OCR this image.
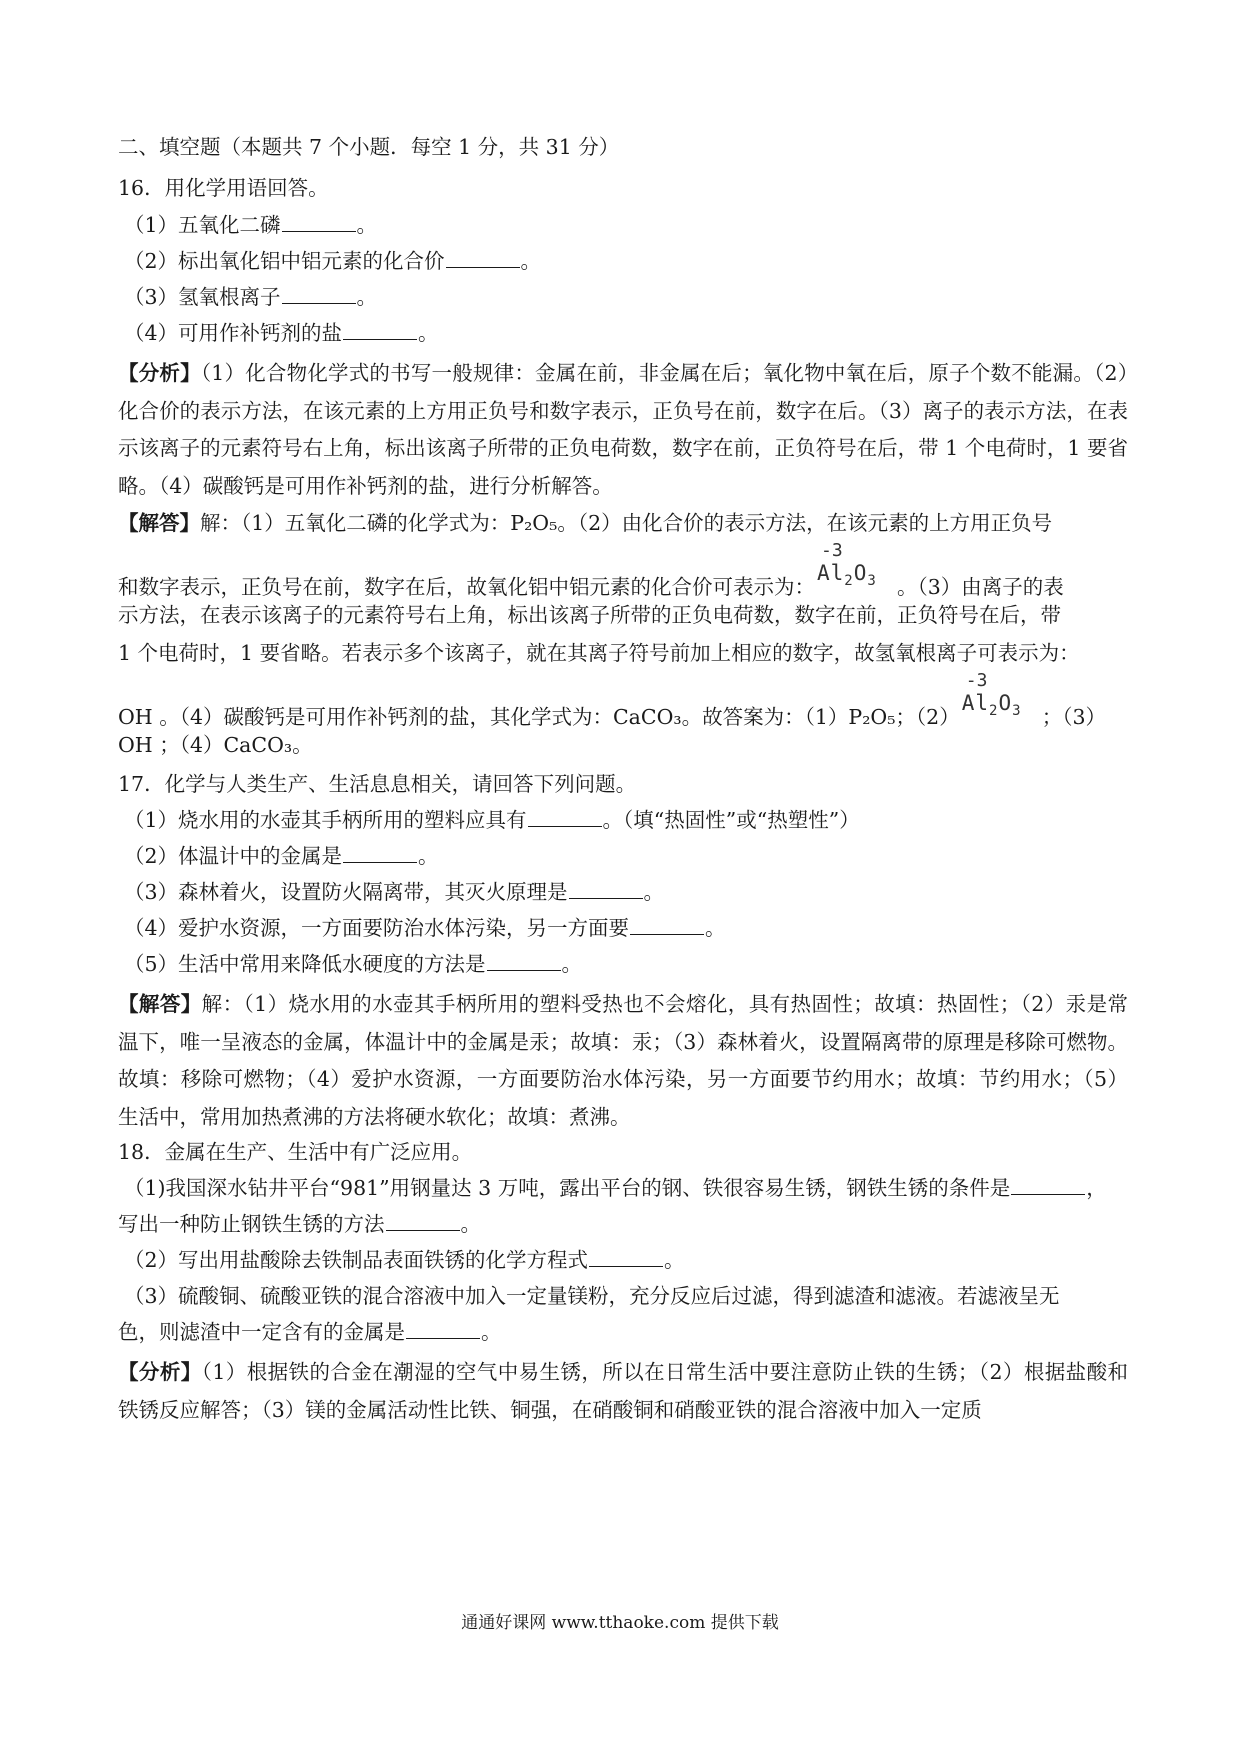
二、填空题（本题共 7 个小题．每空 1 分，共 31 分）
16．用化学用语回答。
（1）五氧化二磷	。
（2）标出氧化铝中铝元素的化合价	。
（3）氢氧根离子	。
（4）可用作补钙剂的盐	。
【分析】（1）化合物化学式的书写一般规律：金属在前，非金属在后；氧化物中氧在后，原子个数不能漏。（2）化合价的表示方法，在该元素的上方用正负号和数字表示，正负号在前，数字在后。（3）离子的表示方法，在表示该离子的元素符号右上角，标出该离子所带的正负电荷数，数字在前，正负符号在后，带 1 个电荷时，1 要省略。（4）碳酸钙是可用作补钙剂的盐，进行分析解答。
【解答】解：（1）五氧化二磷的化学式为：P₂O₅。（2）由化合价的表示方法，在该元素的上方用正负号
和数字表示，正负号在前，数字在后，故氧化铝中铝元素的化合价可表示为：
-3
$Al_2O_3$ 。（3）由离子的表
示方法，在表示该离子的元素符号右上角，标出该离子所带的正负电荷数，数字在前，正负符号在后，带
1 个电荷时，1 要省略。若表示多个该离子，就在其离子符号前加上相应的数字，故氢氧根离子可表示为：
OH 。（4）碳酸钙是可用作补钙剂的盐，其化学式为：CaCO₃。故答案为：（1）P₂O₅；（2）
-3
$Al_2O_3$ ；（3）
OH ；（4）CaCO₃。
17．化学与人类生产、生活息息相关，请回答下列问题。
（1）烧水用的水壶其手柄所用的塑料应具有	。（填“热固性”或“热塑性”）
（2）体温计中的金属是	。
（3）森林着火，设置防火隔离带，其灭火原理是	。
（4）爱护水资源，一方面要防治水体污染，另一方面要	。
（5）生活中常用来降低水硬度的方法是	。
【解答】解：（1）烧水用的水壶其手柄所用的塑料受热也不会熔化，具有热固性；故填：热固性；（2）汞是常温下，唯一呈液态的金属，体温计中的金属是汞；故填：汞；（3）森林着火，设置隔离带的原理是移除可燃物。故填：移除可燃物；（4）爱护水资源，一方面要防治水体污染，另一方面要节约用水；故填：节约用水；（5）生活中，常用加热煮沸的方法将硬水软化；故填：煮沸。
18．金属在生产、生活中有广泛应用。
（1)我国深水钻井平台“981”用钢量达 3 万吨，露出平台的钢、铁很容易生锈，钢铁生锈的条件是	，
写出一种防止钢铁生锈的方法	。
（2）写出用盐酸除去铁制品表面铁锈的化学方程式	。
（3）硫酸铜、硫酸亚铁的混合溶液中加入一定量镁粉，充分反应后过滤，得到滤渣和滤液。若滤液呈无
色，则滤渣中一定含有的金属是	。
【分析】（1）根据铁的合金在潮湿的空气中易生锈，所以在日常生活中要注意防止铁的生锈；（2）根据盐酸和铁锈反应解答；（3）镁的金属活动性比铁、铜强，在硝酸铜和硝酸亚铁的混合溶液中加入一定质
通通好课网 www.tthaoke.com 提供下载
